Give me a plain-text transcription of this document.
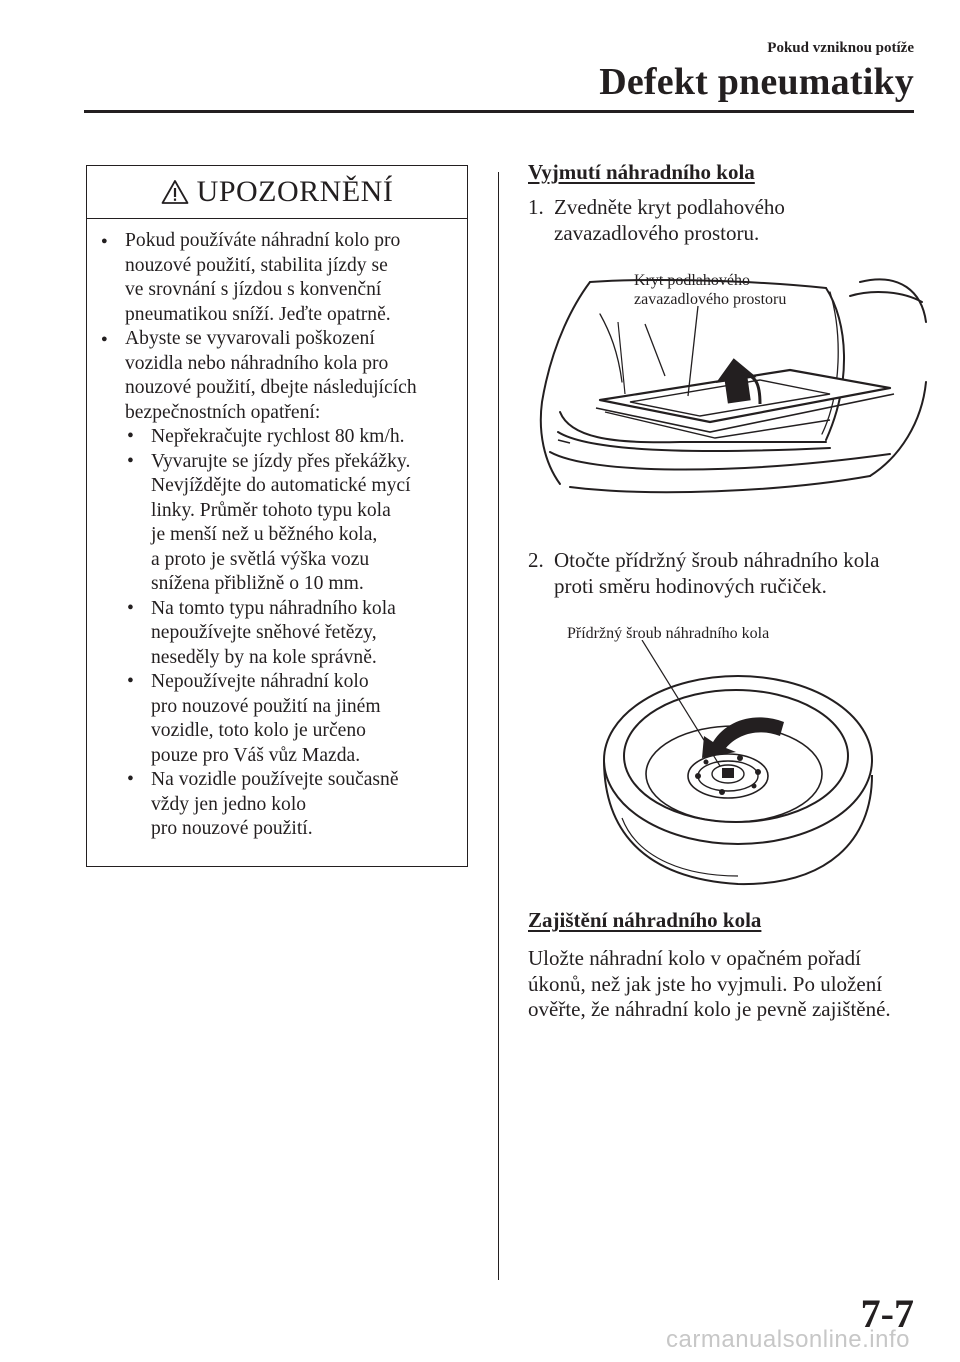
Pokud vzniknou potíže
Defekt pneumatiky
UPOZORNĚNÍ
● Pokud používáte náhradní kolo pro
nouzové použití, stabilita jízdy se
ve srovnání s jízdou s konvenční
pneumatikou sníží. Jeďte opatrně.
● Abyste se vyvarovali poškození
vozidla nebo náhradního kola pro
nouzové použití, dbejte následujících
bezpečnostních opatření:
• Nepřekračujte rychlost 80 km/h.
• Vyvarujte se jízdy přes překážky.
Nevjíždějte do automatické mycí
linky. Průměr tohoto typu kola
je menší než u běžného kola,
a proto je světlá výška vozu
snížena přibližně o 10 mm.
• Na tomto typu náhradního kola
nepoužívejte sněhové řetězy,
neseděly by na kole správně.
• Nepoužívejte náhradní kolo
pro nouzové použití na jiném
vozidle, toto kolo je určeno
pouze pro Váš vůz Mazda.
• Na vozidle používejte současně
vždy jen jedno kolo
pro nouzové použití.
Vyjmutí náhradního kola
1. Zvedněte kryt podlahového
zavazadlového prostoru.
Kryt podlahového
zavazadlového prostoru
2. Otočte přídržný šroub náhradního kola
proti směru hodinových ručiček.
Přídržný šroub náhradního kola
Zajištění náhradního kola
Uložte náhradní kolo v opačném pořadí
úkonů, než jak jste ho vyjmuli. Po uložení
ověřte, že náhradní kolo je pevně zajištěné.
7-7
carmanualsonline.info
